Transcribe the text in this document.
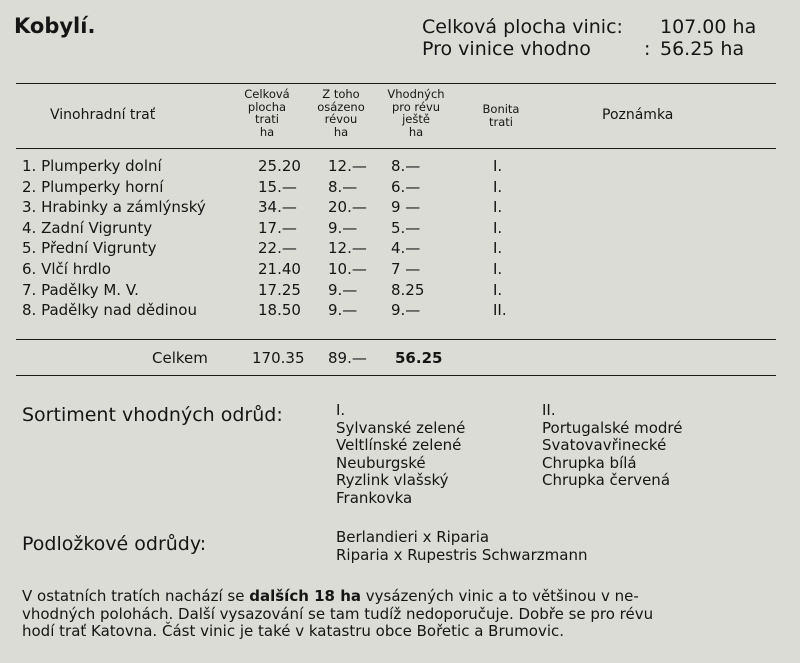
Kobylí.	Celková plocha vinic:	107.00 ha
Pro vinice vhodno	: 56.25 ha
Vinohradní trať
Celková
plocha
trati
ha
Z toho
osázeno
révou
ha
Vhodných
pro révu
ještě
ha
Bonita
trati	Poznámka
1. Plumperky dolní	25.20 12.— 8.—	I.
2. Plumperky horní	15.— 8.— 6.—	I.
3. Hrabinky a zámlýnský	34.— 20.— 9 —	I.
4. Zadní Vigrunty	17.— 9.— 5.—	I.
5. Přední Vigrunty	22.— 12.— 4.—	I.
6. Vlčí hrdlo	21.40 10.— 7 —	I.
7. Padělky M. V.	17.25 9.— 8.25	I.
8. Padělky nad dědinou	18.50 9.— 9.—	II.
Celkem	170.35 89.— 56.25
Sortiment vhodných odrůd:	I.
Sylvanské zelené
Veltlínské zelené
Neuburgské
Ryzlink vlašský
Frankovka
II.
Portugalské modré
Svatovavřinecké
Chrupka bílá
Chrupka červená
Podložkové odrůdy:	Berlandieri x Riparia
Riparia x Rupestris Schwarzmann
V ostatních tratích nachází se dalších 18 ha vysázených vinic a to většinou v ne-
vhodných polohách. Další vysazování se tam tudíž nedoporučuje. Dobře se pro révu
hodí trať Katovna. Část vinic je také v katastru obce Bořetic a Brumovic.
